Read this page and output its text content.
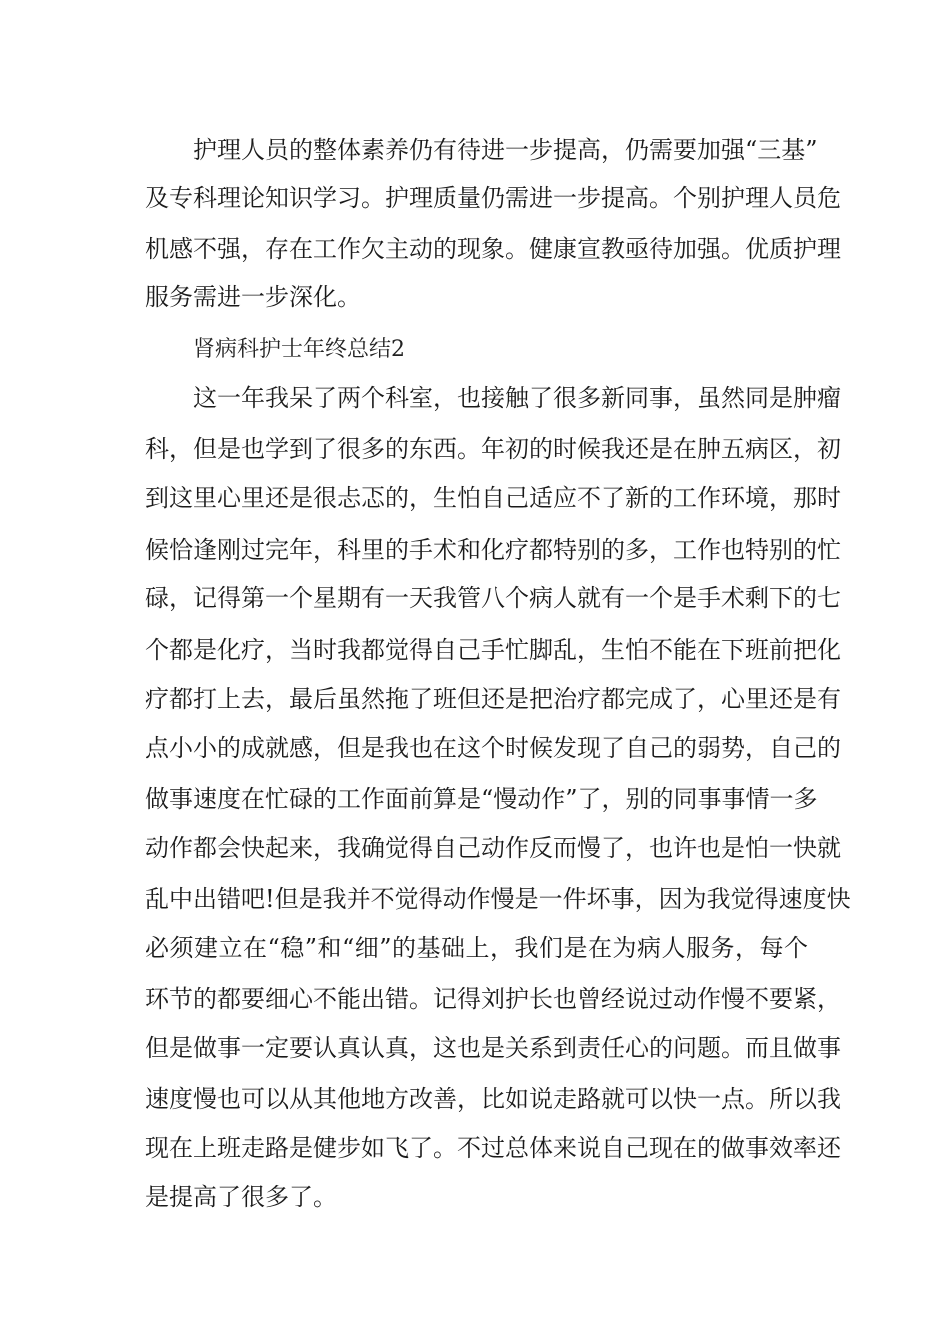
护理人员的整体素养仍有待进一步提高，仍需要加强“三基”
及专科理论知识学习。护理质量仍需进一步提高。个别护理人员危
机感不强，存在工作欠主动的现象。健康宣教亟待加强。优质护理
服务需进一步深化。
肾病科护士年终总结2
这一年我呆了两个科室，也接触了很多新同事，虽然同是肿瘤
科，但是也学到了很多的东西。年初的时候我还是在肿五病区，初
到这里心里还是很忐忑的，生怕自己适应不了新的工作环境，那时
候恰逢刚过完年，科里的手术和化疗都特别的多，工作也特别的忙
碌，记得第一个星期有一天我管八个病人就有一个是手术剩下的七
个都是化疗，当时我都觉得自己手忙脚乱，生怕不能在下班前把化
疗都打上去，最后虽然拖了班但还是把治疗都完成了，心里还是有
点小小的成就感，但是我也在这个时候发现了自己的弱势，自己的
做事速度在忙碌的工作面前算是“慢动作”了，别的同事事情一多
动作都会快起来，我确觉得自己动作反而慢了，也许也是怕一快就
乱中出错吧!但是我并不觉得动作慢是一件坏事，因为我觉得速度快
必须建立在“稳”和“细”的基础上，我们是在为病人服务，每个
环节的都要细心不能出错。记得刘护长也曾经说过动作慢不要紧，
但是做事一定要认真认真，这也是关系到责任心的问题。而且做事
速度慢也可以从其他地方改善，比如说走路就可以快一点。所以我
现在上班走路是健步如飞了。不过总体来说自己现在的做事效率还
是提高了很多了。
